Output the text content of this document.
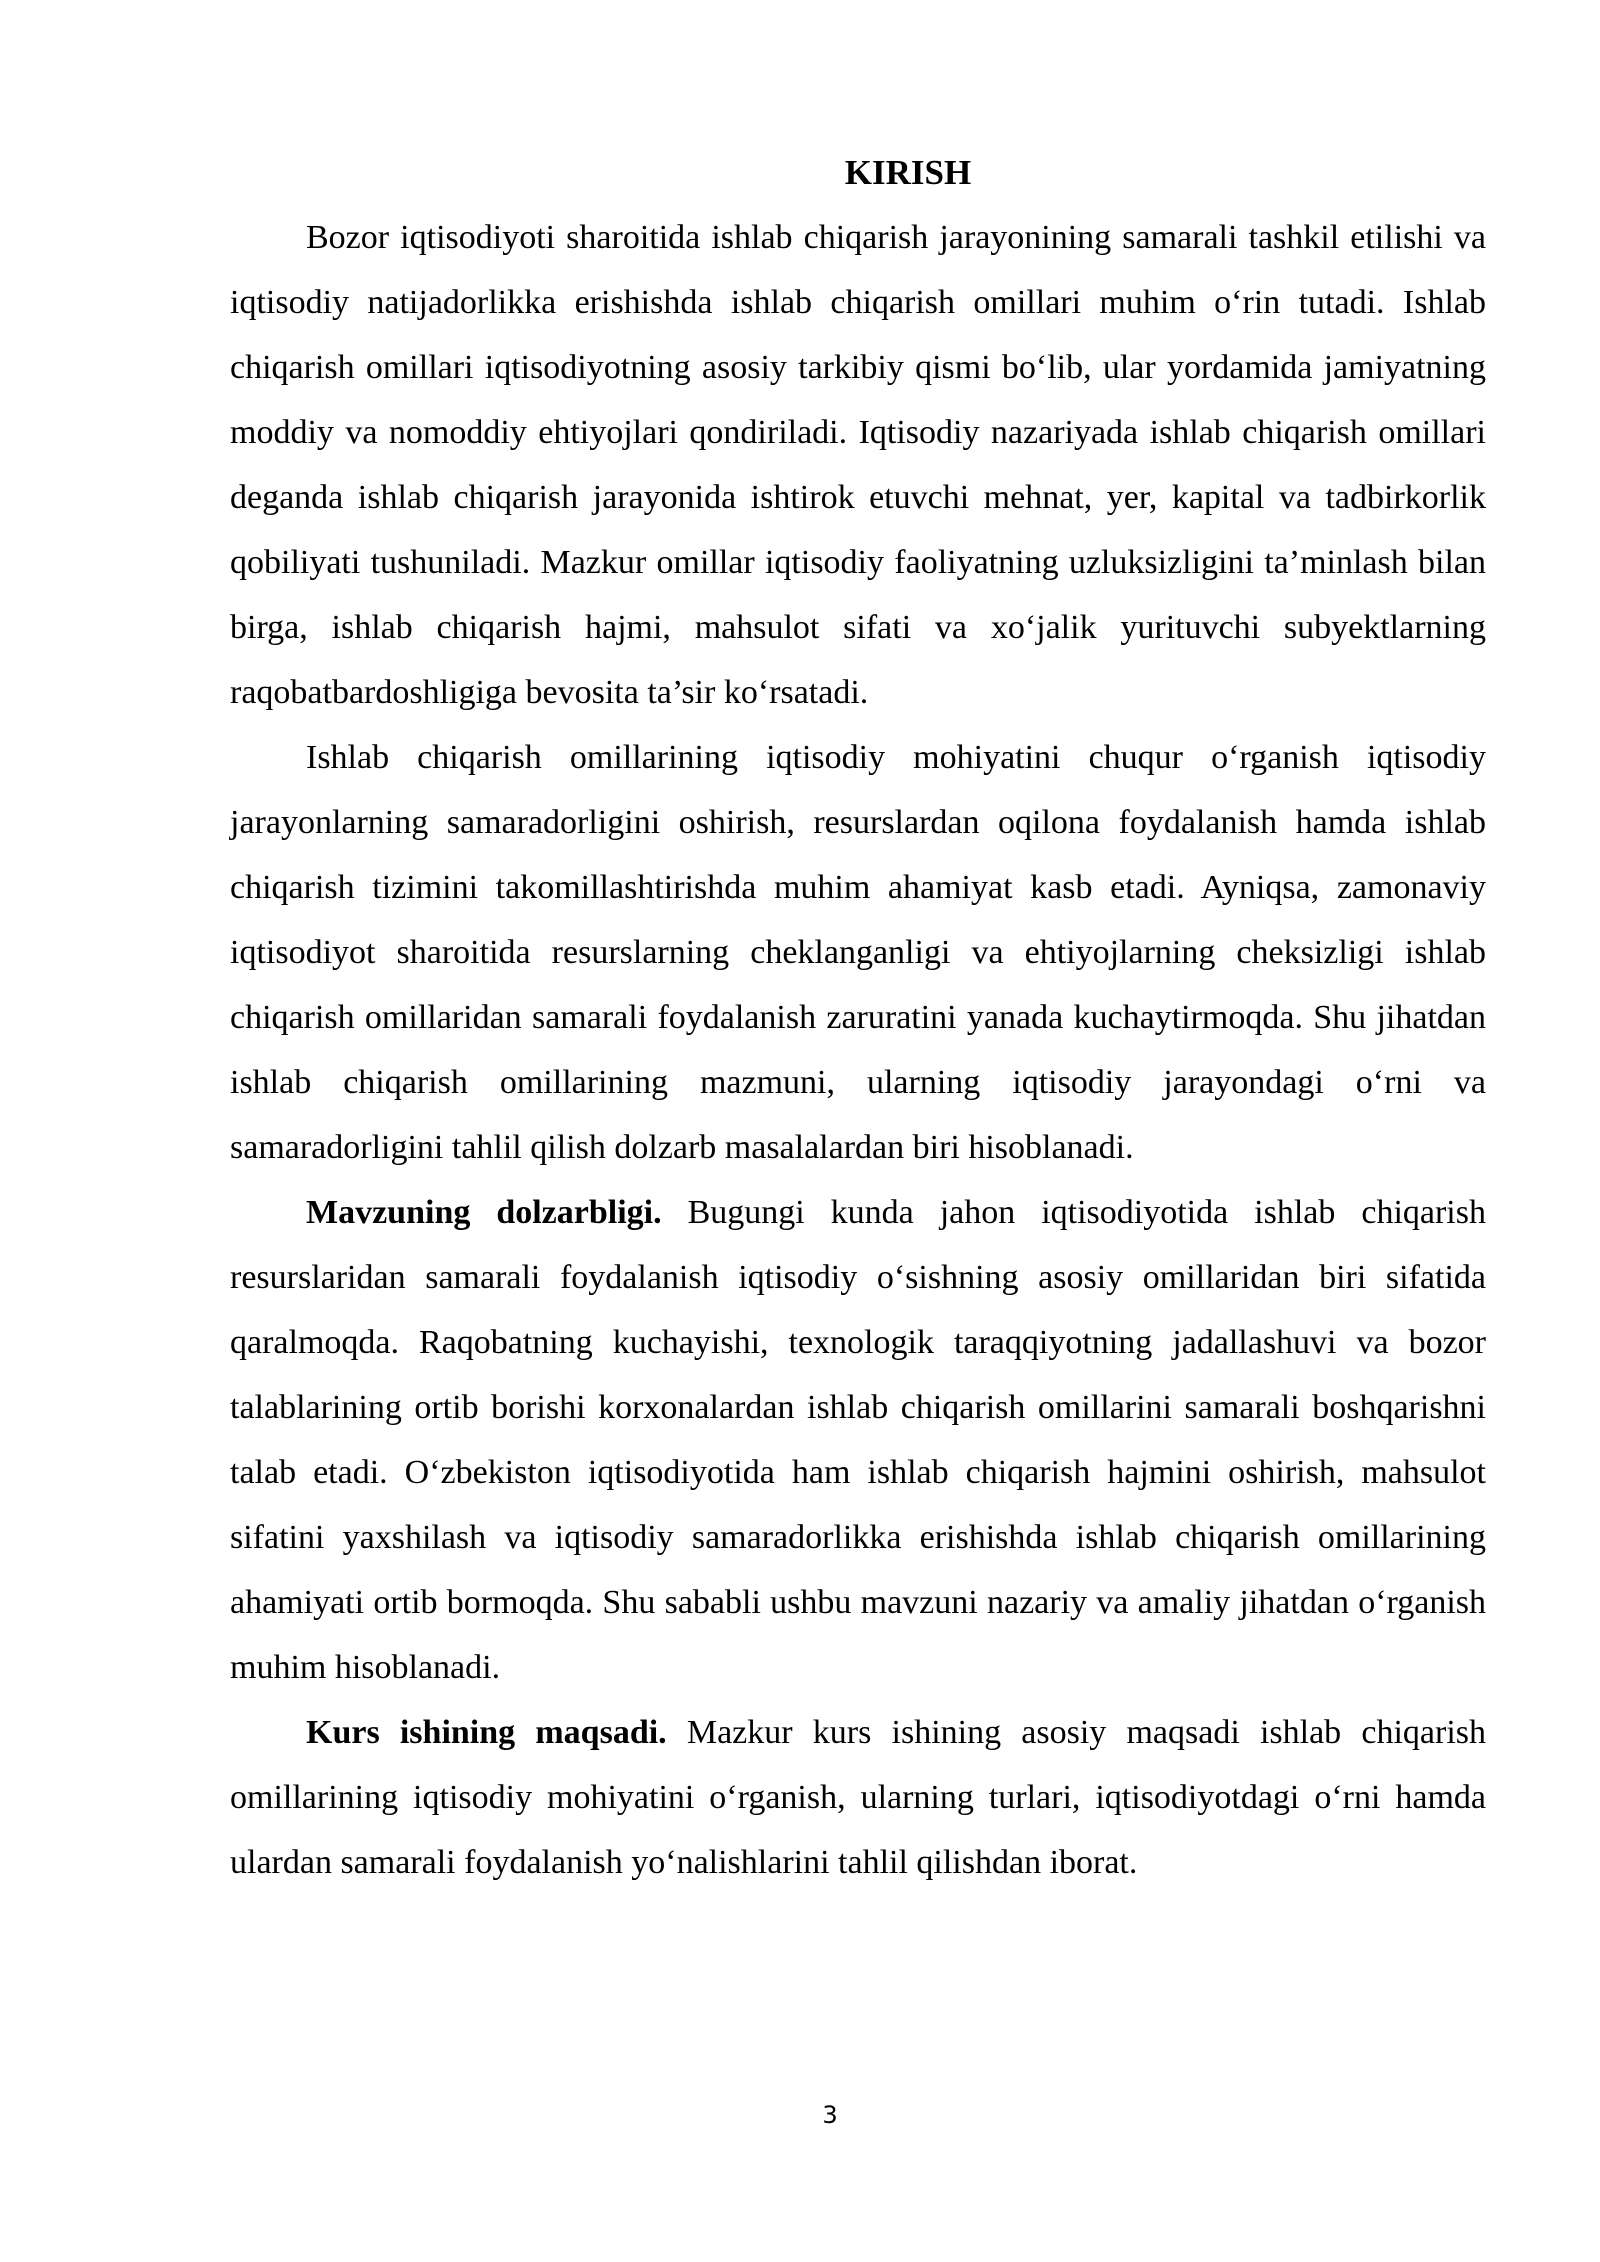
KIRISH

Bozor iqtisodiyoti sharoitida ishlab chiqarish jarayonining samarali tashkil etilishi va iqtisodiy natijadorlikka erishishda ishlab chiqarish omillari muhim o‘rin tutadi. Ishlab chiqarish omillari iqtisodiyotning asosiy tarkibiy qismi bo‘lib, ular yordamida jamiyatning moddiy va nomoddiy ehtiyojlari qondiriladi. Iqtisodiy nazariyada ishlab chiqarish omillari deganda ishlab chiqarish jarayonida ishtirok etuvchi mehnat, yer, kapital va tadbirkorlik qobiliyati tushuniladi. Mazkur omillar iqtisodiy faoliyatning uzluksizligini ta’minlash bilan birga, ishlab chiqarish hajmi, mahsulot sifati va xo‘jalik yurituvchi subyektlarning raqobatbardoshligiga bevosita ta’sir ko‘rsatadi.

Ishlab chiqarish omillarining iqtisodiy mohiyatini chuqur o‘rganish iqtisodiy jarayonlarning samaradorligini oshirish, resurslardan oqilona foydalanish hamda ishlab chiqarish tizimini takomillashtirishda muhim ahamiyat kasb etadi. Ayniqsa, zamonaviy iqtisodiyot sharoitida resurslarning cheklanganligi va ehtiyojlarning cheksizligi ishlab chiqarish omillaridan samarali foydalanish zaruratini yanada kuchaytirmoqda. Shu jihatdan ishlab chiqarish omillarining mazmuni, ularning iqtisodiy jarayondagi o‘rni va samaradorligini tahlil qilish dolzarb masalalardan biri hisoblanadi.

Mavzuning dolzarbligi. Bugungi kunda jahon iqtisodiyotida ishlab chiqarish resurslaridan samarali foydalanish iqtisodiy o‘sishning asosiy omillaridan biri sifatida qaralmoqda. Raqobatning kuchayishi, texnologik taraqqiyotning jadallashuvi va bozor talablarining ortib borishi korxonalardan ishlab chiqarish omillarini samarali boshqarishni talab etadi. O‘zbekiston iqtisodiyotida ham ishlab chiqarish hajmini oshirish, mahsulot sifatini yaxshilash va iqtisodiy samaradorlikka erishishda ishlab chiqarish omillarining ahamiyati ortib bormoqda. Shu sababli ushbu mavzuni nazariy va amaliy jihatdan o‘rganish muhim hisoblanadi.

Kurs ishining maqsadi. Mazkur kurs ishining asosiy maqsadi ishlab chiqarish omillarining iqtisodiy mohiyatini o‘rganish, ularning turlari, iqtisodiyotdagi o‘rni hamda ulardan samarali foydalanish yo‘nalishlarini tahlil qilishdan iborat.

3
